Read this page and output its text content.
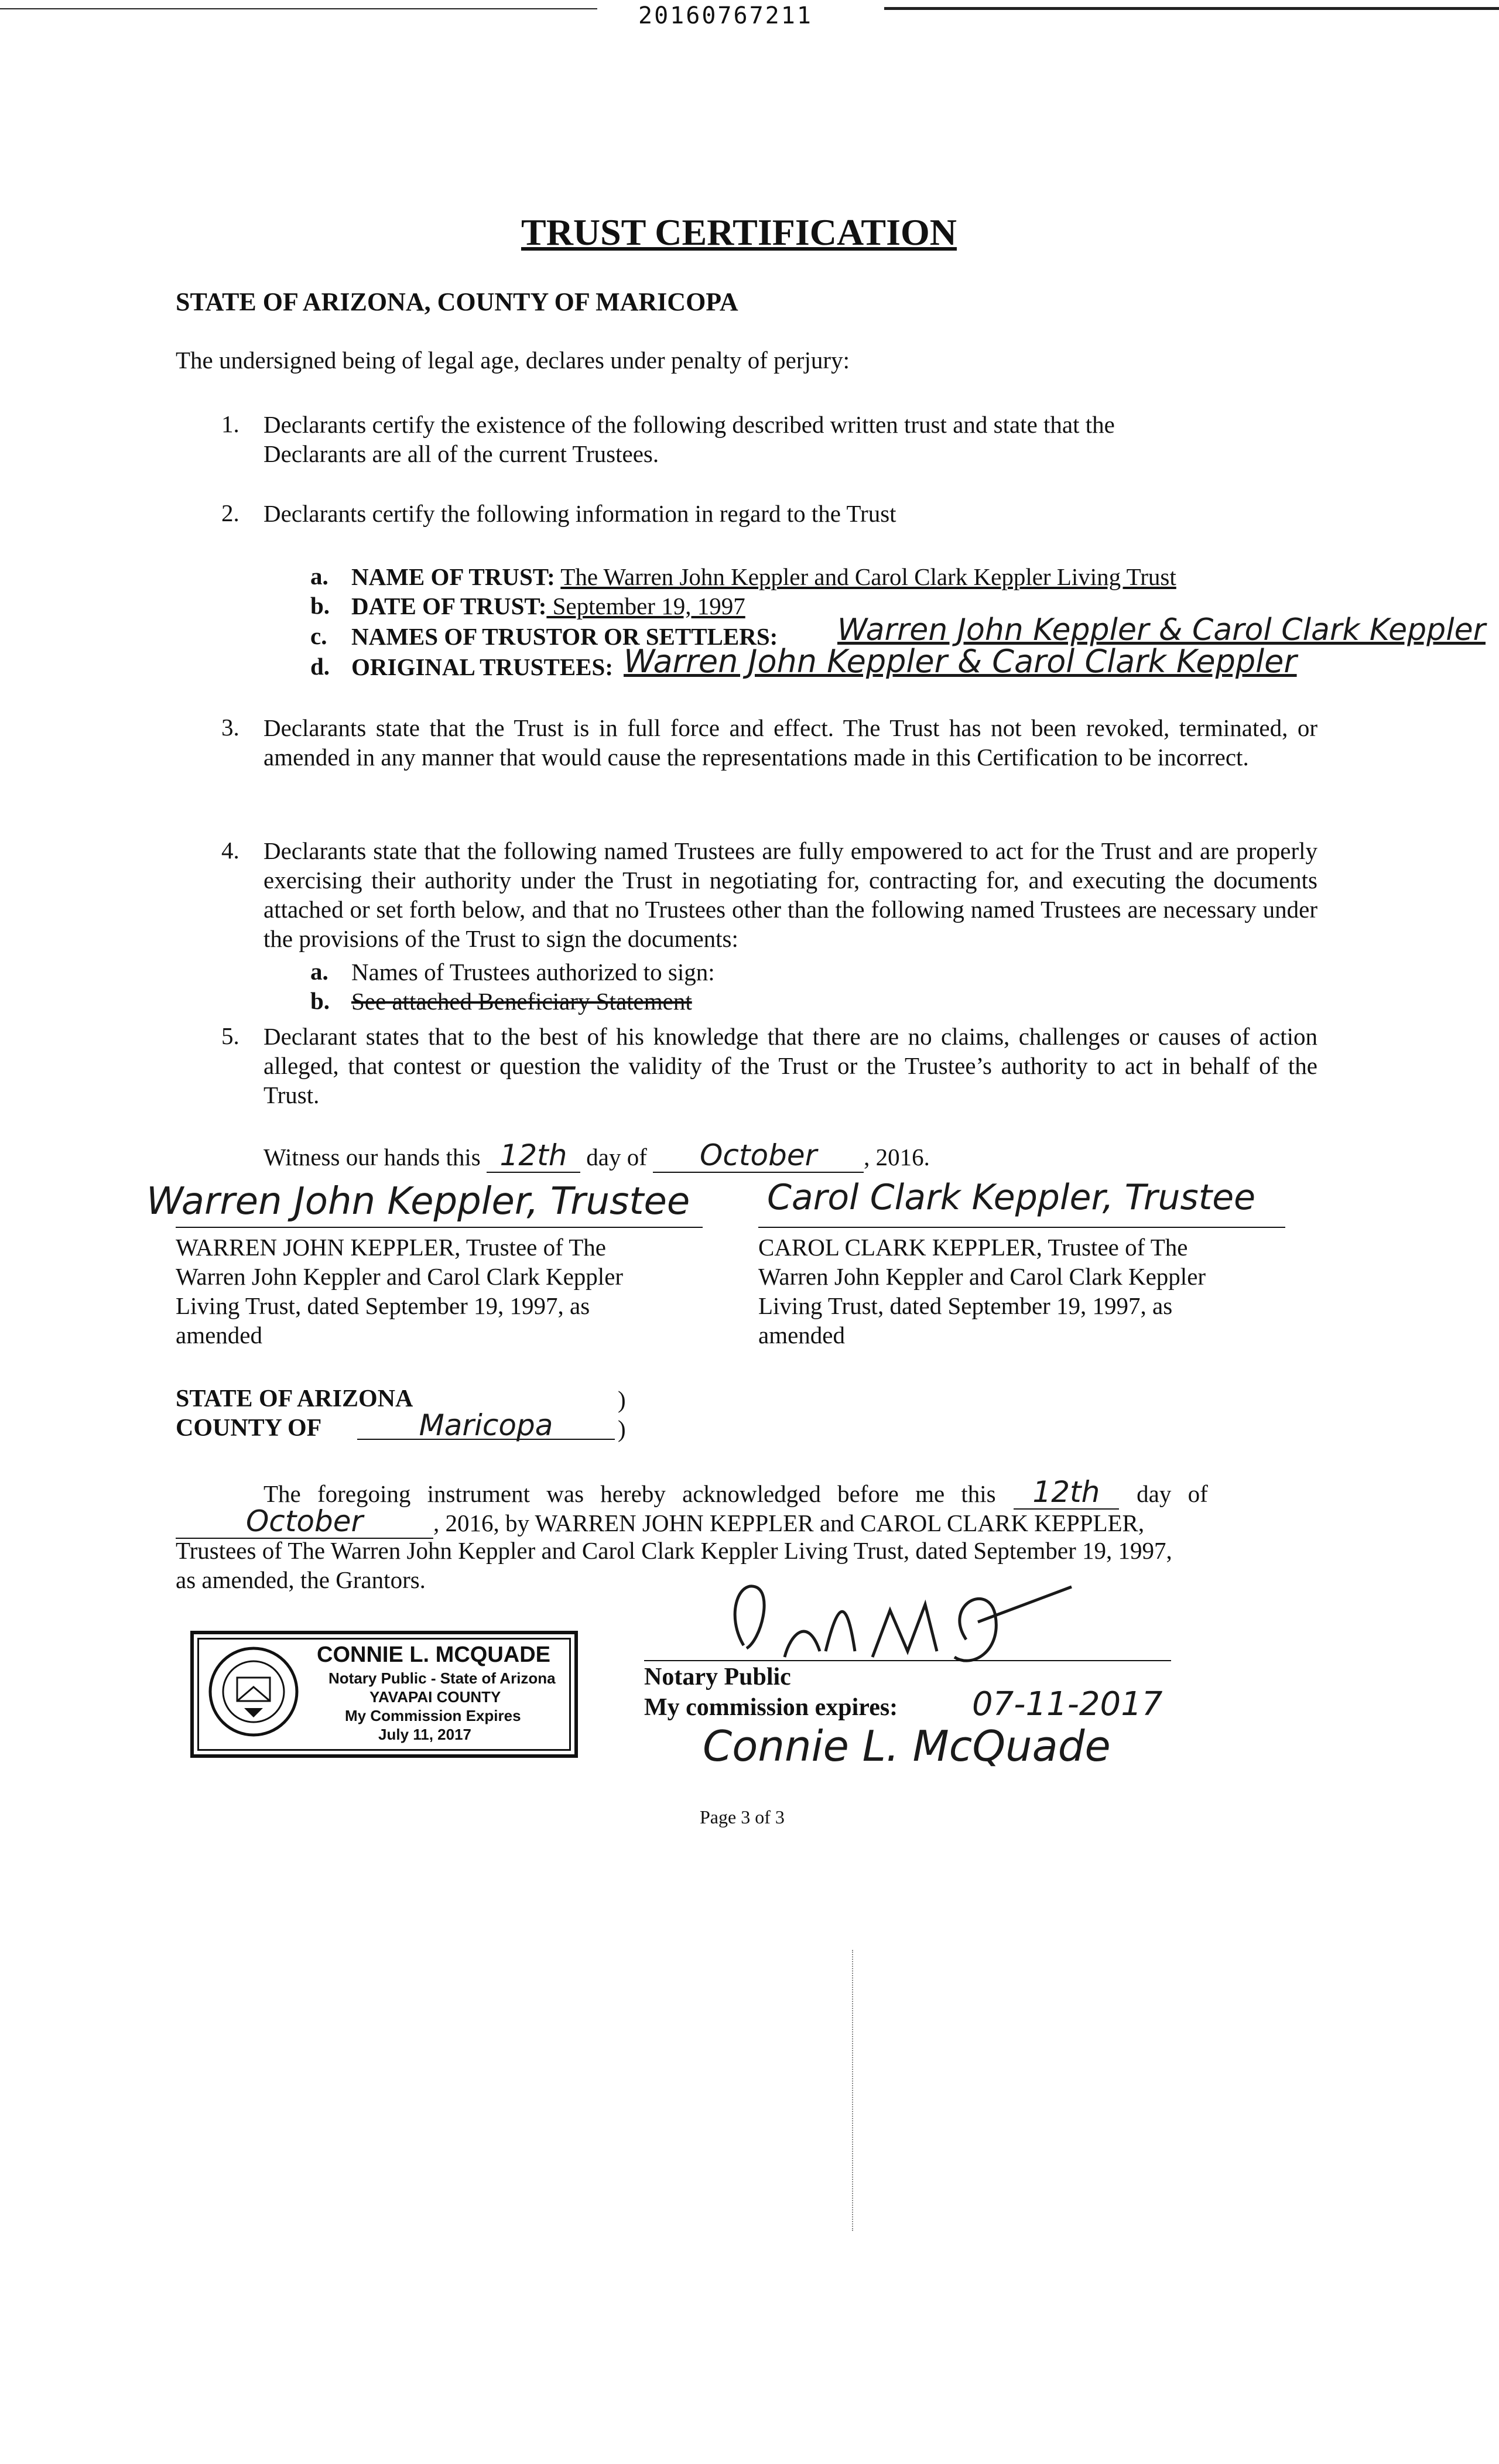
20160767211
TRUST CERTIFICATION
STATE OF ARIZONA, COUNTY OF MARICOPA
The undersigned being of legal age, declares under penalty of perjury:
1. Declarants certify the existence of the following described written trust and state that the
Declarants are all of the current Trustees.
2. Declarants certify the following information in regard to the Trust
a. NAME OF TRUST: The Warren John Keppler and Carol Clark Keppler Living Trust
b. DATE OF TRUST: September 19, 1997
c. NAMES OF TRUSTOR OR SETTLERS: Warren John Keppler & Carol Clark Keppler
d. ORIGINAL TRUSTEES: Warren John Keppler & Carol Clark Keppler
3. Declarants state that the Trust is in full force and effect. The Trust has not been revoked, terminated, or amended in any manner that would cause the representations made in this Certification to be incorrect.
4. Declarants state that the following named Trustees are fully empowered to act for the Trust and are properly exercising their authority under the Trust in negotiating for, contracting for, and executing the documents attached or set forth below, and that no Trustees other than the following named Trustees are necessary under the provisions of the Trust to sign the documents:
a. Names of Trustees authorized to sign:
b. See attached Beneficiary Statement
5. Declarant states that to the best of his knowledge that there are no claims, challenges or causes of action alleged, that contest or question the validity of the Trust or the Trustee’s authority to act in behalf of the Trust.
Witness our hands this 12th day of October , 2016.
Warren John Keppler, Trustee Carol Clark Keppler, Trustee
WARREN JOHN KEPPLER, Trustee of The
Warren John Keppler and Carol Clark Keppler
Living Trust, dated September 19, 1997, as
amended
CAROL CLARK KEPPLER, Trustee of The
Warren John Keppler and Carol Clark Keppler
Living Trust, dated September 19, 1997, as
amended
STATE OF ARIZONA	)
COUNTY OF	Maricopa	)
The foregoing instrument was hereby acknowledged before me this 12th day of
October	, 2016, by WARREN JOHN KEPPLER and CAROL CLARK KEPPLER,
Trustees of The Warren John Keppler and Carol Clark Keppler Living Trust, dated September 19, 1997,
as amended, the Grantors.
CONNIE L. MCQUADE
Notary Public - State of Arizona
YAVAPAI COUNTY
My Commission Expires
July 11, 2017
Notary Public
My commission expires: 07-11-2017
Connie L. McQuade
Page 3 of 3
